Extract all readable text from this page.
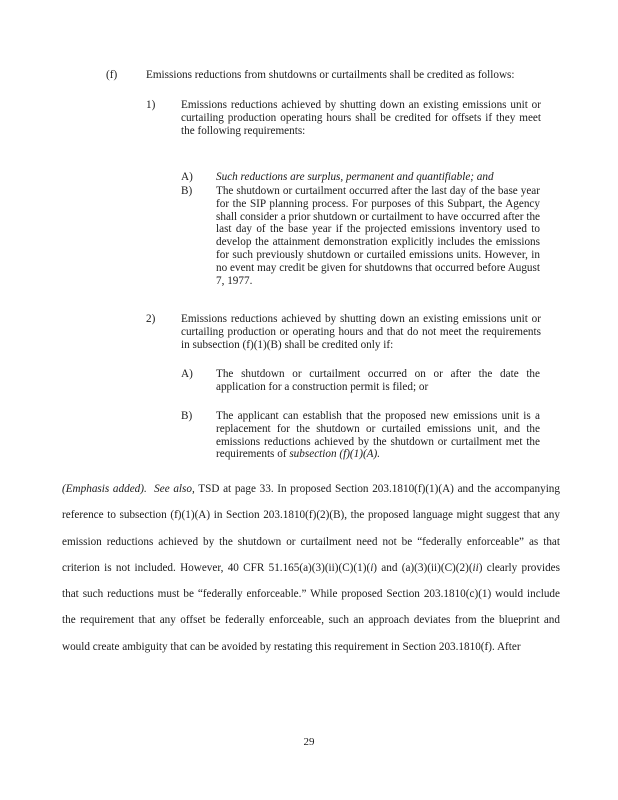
(f)	Emissions reductions from shutdowns or curtailments shall be credited as follows:
1) Emissions reductions achieved by shutting down an existing emissions unit or curtailing production operating hours shall be credited for offsets if they meet the following requirements:
A) Such reductions are surplus, permanent and quantifiable; and
B) The shutdown or curtailment occurred after the last day of the base year for the SIP planning process. For purposes of this Subpart, the Agency shall consider a prior shutdown or curtailment to have occurred after the last day of the base year if the projected emissions inventory used to develop the attainment demonstration explicitly includes the emissions for such previously shutdown or curtailed emissions units. However, in no event may credit be given for shutdowns that occurred before August 7, 1977.
2) Emissions reductions achieved by shutting down an existing emissions unit or curtailing production or operating hours and that do not meet the requirements in subsection (f)(1)(B) shall be credited only if:
A) The shutdown or curtailment occurred on or after the date the application for a construction permit is filed; or
B) The applicant can establish that the proposed new emissions unit is a replacement for the shutdown or curtailed emissions unit, and the emissions reductions achieved by the shutdown or curtailment met the requirements of subsection (f)(1)(A).
(Emphasis added). See also, TSD at page 33. In proposed Section 203.1810(f)(1)(A) and the accompanying reference to subsection (f)(1)(A) in Section 203.1810(f)(2)(B), the proposed language might suggest that any emission reductions achieved by the shutdown or curtailment need not be “federally enforceable” as that criterion is not included. However, 40 CFR 51.165(a)(3)(ii)(C)(1)(i) and (a)(3)(ii)(C)(2)(ii) clearly provides that such reductions must be “federally enforceable.” While proposed Section 203.1810(c)(1) would include the requirement that any offset be federally enforceable, such an approach deviates from the blueprint and would create ambiguity that can be avoided by restating this requirement in Section 203.1810(f). After
29
